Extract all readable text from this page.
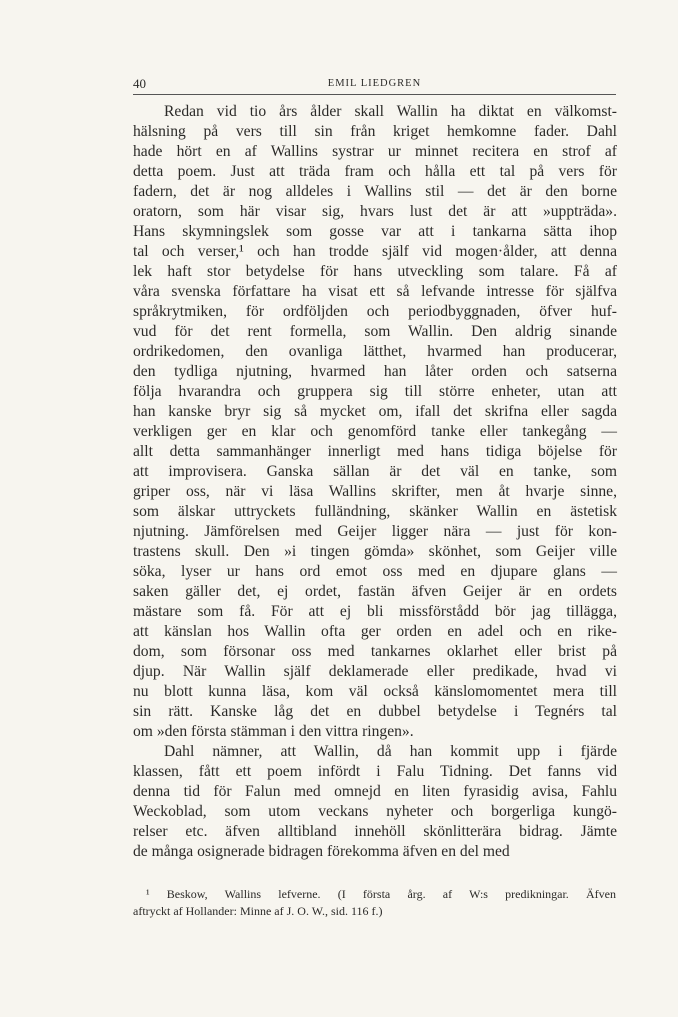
40	EMIL LIEDGREN
Redan vid tio års ålder skall Wallin ha diktat en välkomst-
hälsning på vers till sin från kriget hemkomne fader. Dahl
hade hört en af Wallins systrar ur minnet recitera en strof af
detta poem. Just att träda fram och hålla ett tal på vers för
fadern, det är nog alldeles i Wallins stil — det är den borne
oratorn, som här visar sig, hvars lust det är att »uppträda».
Hans skymningslek som gosse var att i tankarna sätta ihop
tal och verser,¹ och han trodde själf vid mogen·ålder, att denna
lek haft stor betydelse för hans utveckling som talare. Få af
våra svenska författare ha visat ett så lefvande intresse för själfva
språkrytmiken, för ordföljden och periodbyggnaden, öfver huf-
vud för det rent formella, som Wallin. Den aldrig sinande
ordrikedomen, den ovanliga lätthet, hvarmed han producerar,
den tydliga njutning, hvarmed han låter orden och satserna
följa hvarandra och gruppera sig till större enheter, utan att
han kanske bryr sig så mycket om, ifall det skrifna eller sagda
verkligen ger en klar och genomförd tanke eller tankegång —
allt detta sammanhänger innerligt med hans tidiga böjelse för
att improvisera. Ganska sällan är det väl en tanke, som
griper oss, när vi läsa Wallins skrifter, men åt hvarje sinne,
som älskar uttryckets fulländning, skänker Wallin en ästetisk
njutning. Jämförelsen med Geijer ligger nära — just för kon-
trastens skull. Den »i tingen gömda» skönhet, som Geijer ville
söka, lyser ur hans ord emot oss med en djupare glans —
saken gäller det, ej ordet, fastän äfven Geijer är en ordets
mästare som få. För att ej bli missförstådd bör jag tillägga,
att känslan hos Wallin ofta ger orden en adel och en rike-
dom, som försonar oss med tankarnes oklarhet eller brist på
djup. När Wallin själf deklamerade eller predikade, hvad vi
nu blott kunna läsa, kom väl också känslomomentet mera till
sin rätt. Kanske låg det en dubbel betydelse i Tegnérs tal
om »den första stämman i den vittra ringen».
Dahl nämner, att Wallin, då han kommit upp i fjärde
klassen, fått ett poem infördt i Falu Tidning. Det fanns vid
denna tid för Falun med omnejd en liten fyrasidig avisa, Fahlu
Weckoblad, som utom veckans nyheter och borgerliga kungö-
relser etc. äfven alltibland innehöll skönlitterära bidrag. Jämte
de många osignerade bidragen förekomma äfven en del med
¹ Beskow, Wallins lefverne. (I första årg. af W:s predikningar. Äfven
aftryckt af Hollander: Minne af J. O. W., sid. 116 f.)
